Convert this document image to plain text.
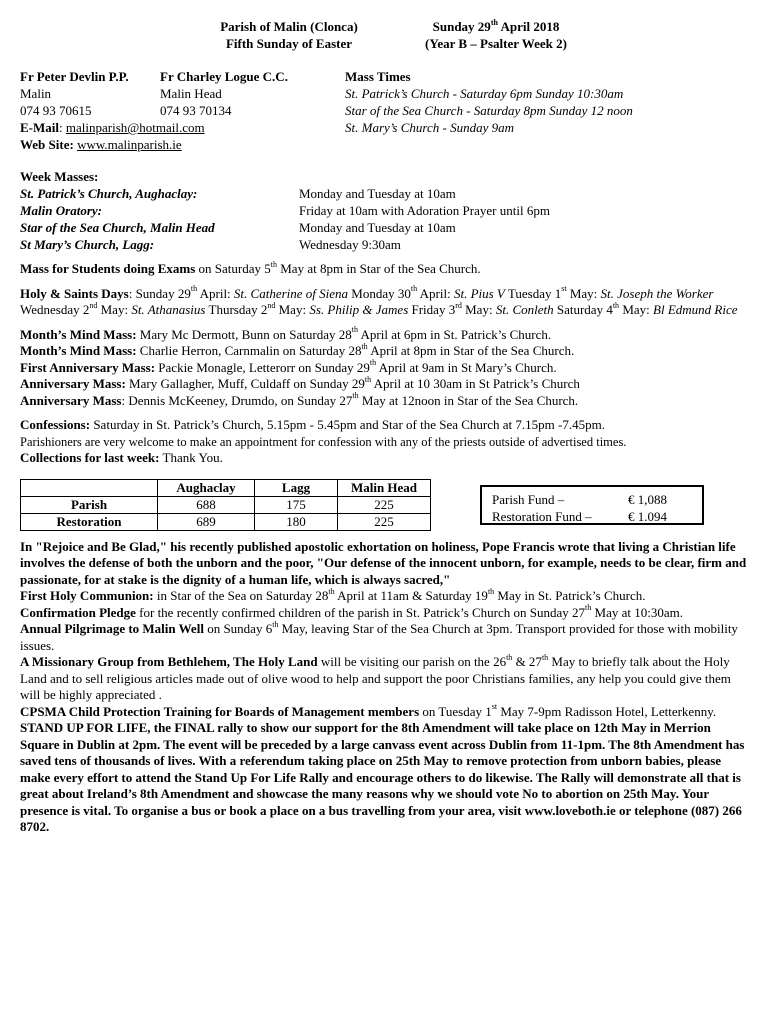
Parish of Malin (Clonca)
Fifth Sunday of Easter
Sunday 29th April 2018
(Year B – Psalter Week 2)
Fr Peter Devlin P.P.
Malin
074 93 70615
Fr Charley Logue C.C.
Malin Head
074 93 70134
Mass Times
St. Patrick’s Church - Saturday 6pm Sunday 10:30am
Star of the Sea Church - Saturday 8pm Sunday 12 noon
St. Mary’s Church - Sunday 9am
E-Mail: malinparish@hotmail.com
Web Site: www.malinparish.ie
Week Masses:
St. Patrick’s Church, Aughaclay:	Monday and Tuesday at 10am
Malin Oratory:	Friday at 10am with Adoration Prayer until 6pm
Star of the Sea Church, Malin Head	Monday and Tuesday at 10am
St Mary’s Church, Lagg:	Wednesday 9:30am

Mass for Students doing Exams on Saturday 5th May at 8pm in Star of the Sea Church.

Holy & Saints Days: Sunday 29th April: St. Catherine of Siena Monday 30th April: St. Pius V Tuesday 1st May: St. Joseph the Worker Wednesday 2nd May: St. Athanasius Thursday 2nd May: Ss. Philip & James Friday 3rd May: St. Conleth Saturday 4th May: Bl Edmund Rice

Month’s Mind Mass: Mary Mc Dermott, Bunn on Saturday 28th April at 6pm in St. Patrick’s Church.

Month’s Mind Mass: Charlie Herron, Carnmalin on Saturday 28th April at 8pm in Star of the Sea Church.

First Anniversary Mass: Packie Monagle, Letterorr on Sunday 29th April at 9am in St Mary’s Church.

Anniversary Mass: Mary Gallagher, Muff, Culdaff on Sunday 29th April at 10 30am in St Patrick’s Church

Anniversary Mass: Dennis McKeeney, Drumdo, on Sunday 27th May at 12noon in Star of the Sea Church.

Confessions: Saturday in St. Patrick’s Church, 5.15pm - 5.45pm and Star of the Sea Church at 7.15pm -7.45pm.

Parishioners are very welcome to make an appointment for confession with any of the priests outside of advertised times.

Collections for last week: Thank You.

	Aughaclay	Lagg	Malin Head
Parish	688	175	225
Restoration	689	180	225
Parish Fund –	€ 1,088
Restoration Fund –	€ 1.094

In "Rejoice and Be Glad," his recently published apostolic exhortation on holiness, Pope Francis wrote that living a Christian life involves the defense of both the unborn and the poor, "Our defense of the innocent unborn, for example, needs to be clear, firm and passionate, for at stake is the dignity of a human life, which is always sacred,"

First Holy Communion: in Star of the Sea on Saturday 28th April at 11am & Saturday 19th May in St. Patrick’s Church.

Confirmation Pledge for the recently confirmed children of the parish in St. Patrick’s Church on Sunday 27th May at 10:30am.

Annual Pilgrimage to Malin Well on Sunday 6th May, leaving Star of the Sea Church at 3pm. Transport provided for those with mobility issues.

A Missionary Group from Bethlehem, The Holy Land will be visiting our parish on the 26th & 27th May to briefly talk about the Holy Land and to sell religious articles made out of olive wood to help and support the poor Christians families, any help you could give them will be highly appreciated .

CPSMA Child Protection Training for Boards of Management members on Tuesday 1st May 7-9pm Radisson Hotel, Letterkenny.

STAND UP FOR LIFE, the FINAL rally to show our support for the 8th Amendment will take place on 12th May in Merrion Square in Dublin at 2pm. The event will be preceded by a large canvass event across Dublin from 11-1pm. The 8th Amendment has saved tens of thousands of lives. With a referendum taking place on 25th May to remove protection from unborn babies, please make every effort to attend the Stand Up For Life Rally and encourage others to do likewise. The Rally will demonstrate all that is great about Ireland’s 8th Amendment and showcase the many reasons why we should vote No to abortion on 25th May. Your presence is vital. To organise a bus or book a place on a bus travelling from your area, visit www.loveboth.ie or telephone (087) 266 8702.
